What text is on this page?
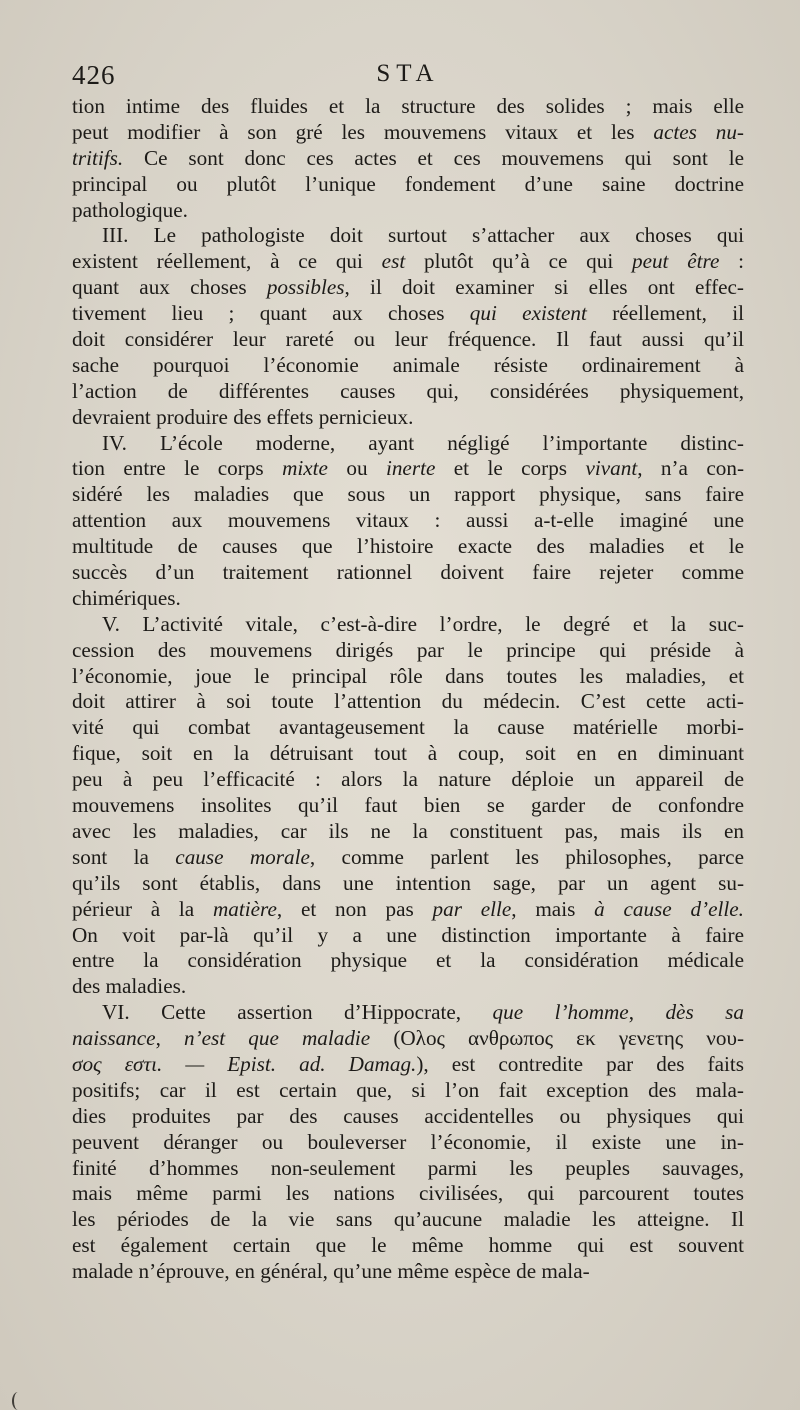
426	STA
tion intime des fluides et la structure des solides ; mais elle
peut modifier à son gré les mouvemens vitaux et les actes nu-
tritifs. Ce sont donc ces actes et ces mouvemens qui sont le
principal ou plutôt l’unique fondement d’une saine doctrine
pathologique.
III. Le pathologiste doit surtout s’attacher aux choses qui
existent réellement, à ce qui est plutôt qu’à ce qui peut être :
quant aux choses possibles, il doit examiner si elles ont effec-
tivement lieu ; quant aux choses qui existent réellement, il
doit considérer leur rareté ou leur fréquence. Il faut aussi qu’il
sache pourquoi l’économie animale résiste ordinairement à
l’action de différentes causes qui, considérées physiquement,
devraient produire des effets pernicieux.
IV. L’école moderne, ayant négligé l’importante distinc-
tion entre le corps mixte ou inerte et le corps vivant, n’a con-
sidéré les maladies que sous un rapport physique, sans faire
attention aux mouvemens vitaux : aussi a-t-elle imaginé une
multitude de causes que l’histoire exacte des maladies et le
succès d’un traitement rationnel doivent faire rejeter comme
chimériques.
V. L’activité vitale, c’est-à-dire l’ordre, le degré et la suc-
cession des mouvemens dirigés par le principe qui préside à
l’économie, joue le principal rôle dans toutes les maladies, et
doit attirer à soi toute l’attention du médecin. C’est cette acti-
vité qui combat avantageusement la cause matérielle morbi-
fique, soit en la détruisant tout à coup, soit en en diminuant
peu à peu l’efficacité : alors la nature déploie un appareil de
mouvemens insolites qu’il faut bien se garder de confondre
avec les maladies, car ils ne la constituent pas, mais ils en
sont la cause morale, comme parlent les philosophes, parce
qu’ils sont établis, dans une intention sage, par un agent su-
périeur à la matière, et non pas par elle, mais à cause d’elle.
On voit par-là qu’il y a une distinction importante à faire
entre la considération physique et la considération médicale
des maladies.
VI. Cette assertion d’Hippocrate, que l’homme, dès sa
naissance, n’est que maladie (Ολος ανθρωπος εκ γενετης νου-
σος εστι. — Epist. ad. Damag.), est contredite par des faits
positifs; car il est certain que, si l’on fait exception des mala-
dies produites par des causes accidentelles ou physiques qui
peuvent déranger ou bouleverser l’économie, il existe une in-
finité d’hommes non-seulement parmi les peuples sauvages,
mais même parmi les nations civilisées, qui parcourent toutes
les périodes de la vie sans qu’aucune maladie les atteigne. Il
est également certain que le même homme qui est souvent
malade n’éprouve, en général, qu’une même espèce de mala-
